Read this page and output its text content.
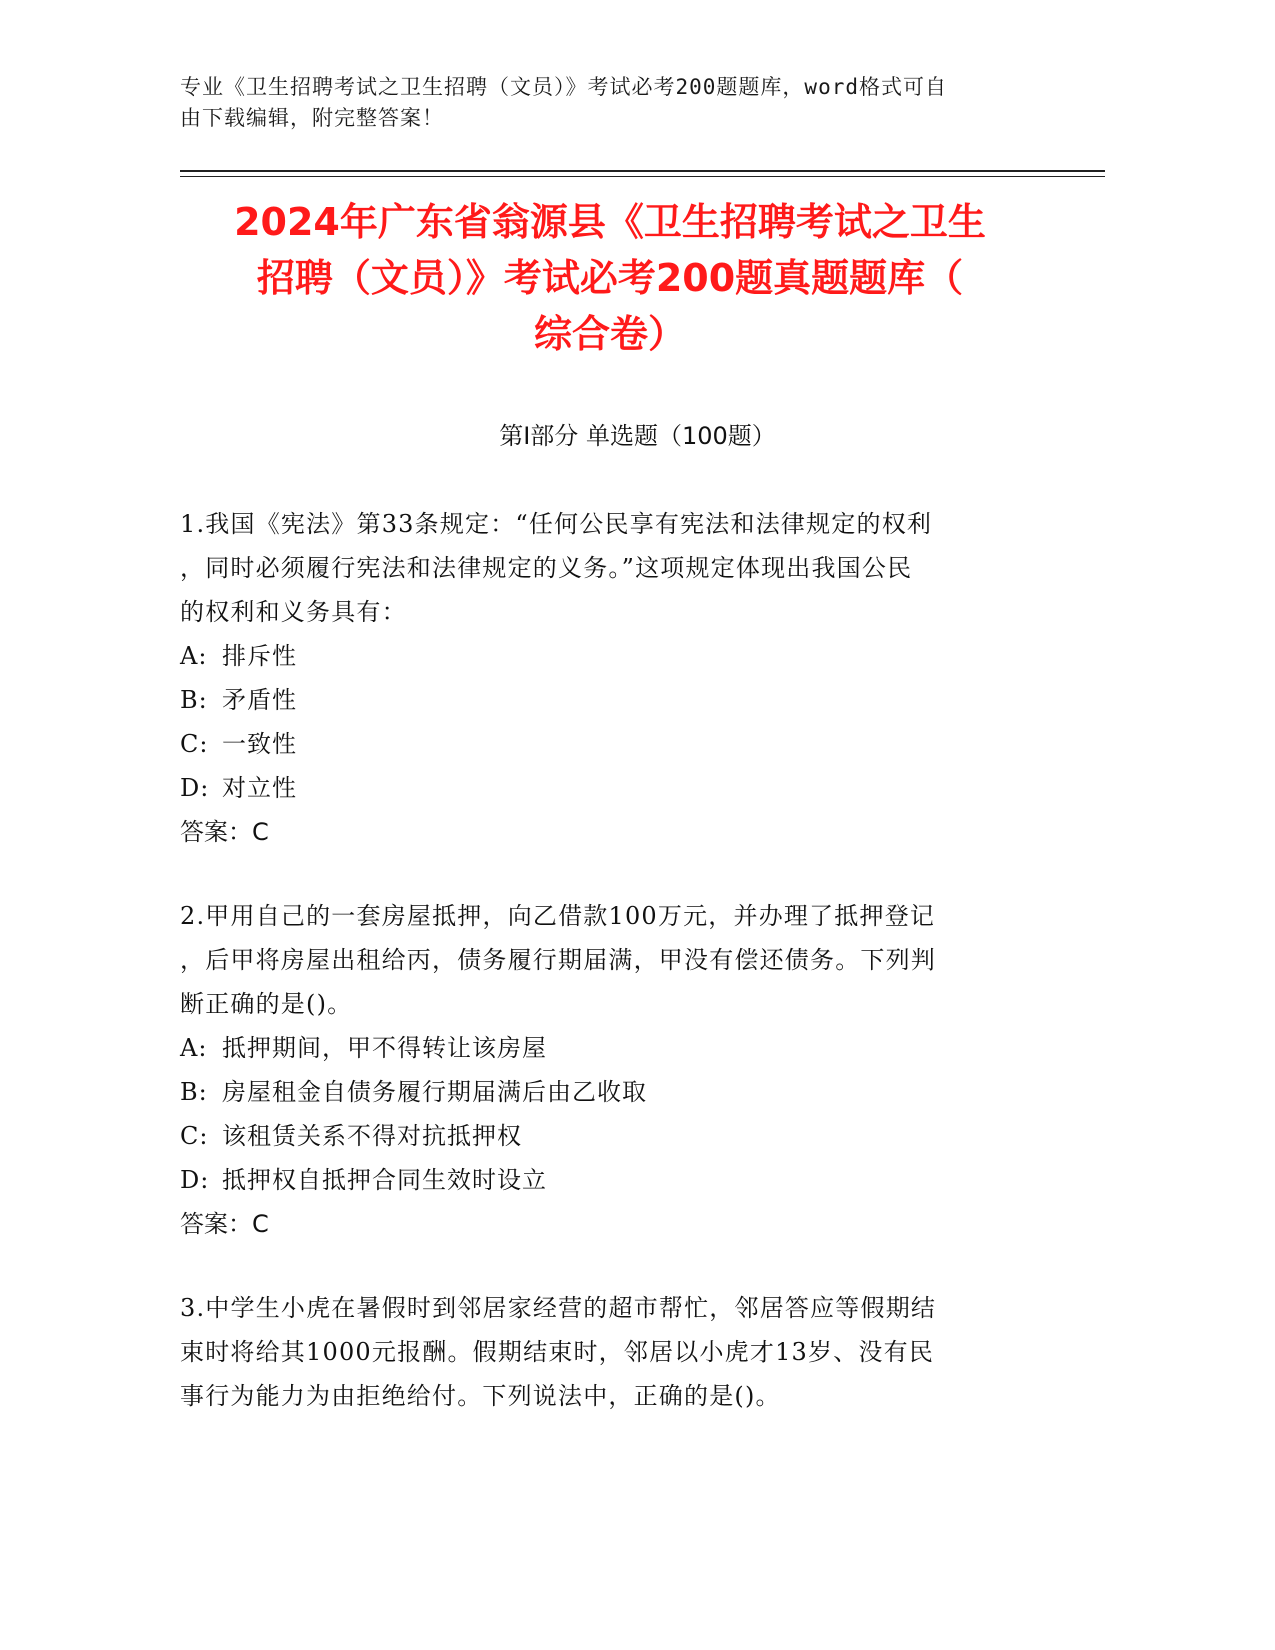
专业《卫生招聘考试之卫生招聘（文员）》考试必考200题题库，word格式可自
由下载编辑，附完整答案！
2024年广东省翁源县《卫生招聘考试之卫生
招聘（文员）》考试必考200题真题题库（
综合卷）
第Ⅰ部分 单选题（100题）

1.我国《宪法》第33条规定：“任何公民享有宪法和法律规定的权利

，同时必须履行宪法和法律规定的义务。”这项规定体现出我国公民

的权利和义务具有：

A: 排斥性

B: 矛盾性

C: 一致性

D: 对立性

答案：C

2.甲用自己的一套房屋抵押，向乙借款100万元，并办理了抵押登记

，后甲将房屋出租给丙，债务履行期届满，甲没有偿还债务。下列判

断正确的是()。

A: 抵押期间，甲不得转让该房屋

B: 房屋租金自债务履行期届满后由乙收取

C: 该租赁关系不得对抗抵押权

D: 抵押权自抵押合同生效时设立

答案：C

3.中学生小虎在暑假时到邻居家经营的超市帮忙，邻居答应等假期结

束时将给其1000元报酬。假期结束时，邻居以小虎才13岁、没有民

事行为能力为由拒绝给付。下列说法中，正确的是()。
